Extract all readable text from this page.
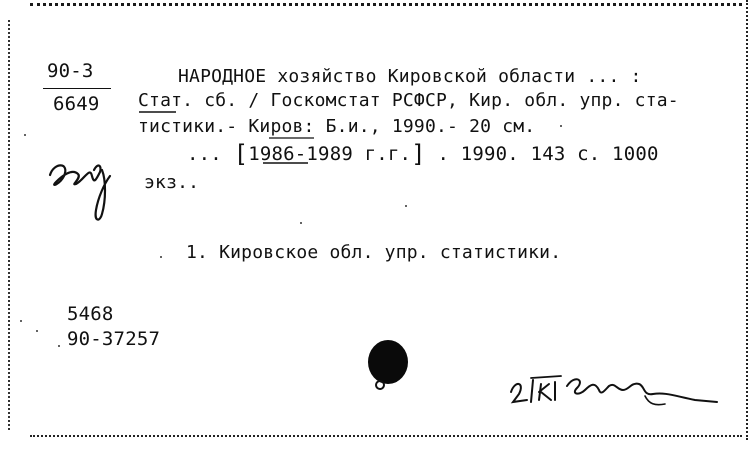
90-3
6649
НАРОДНОЕ хозяйство Кировской области ... :
Стат. сб. / Госкомстат РСФСР, Кир. обл. упр. ста-
тистики.- Киров: Б.и., 1990.- 20 см.
... [1986-1989 г.г.] . 1990. 143 с. 1000
экз..
1. Кировское обл. упр. статистики.
5468
90-37257
